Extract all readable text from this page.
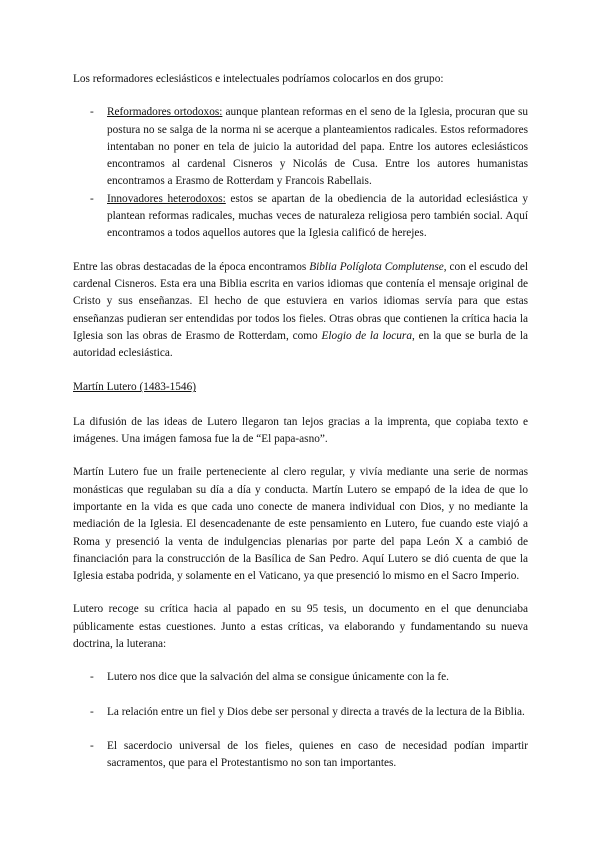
Los reformadores eclesiásticos e intelectuales podríamos colocarlos en dos grupo:

- Reformadores ortodoxos: aunque plantean reformas en el seno de la Iglesia, procuran que su postura no se salga de la norma ni se acerque a planteamientos radicales. Estos reformadores intentaban no poner en tela de juicio la autoridad del papa. Entre los autores eclesiásticos encontramos al cardenal Cisneros y Nicolás de Cusa. Entre los autores humanistas encontramos a Erasmo de Rotterdam y Francois Rabellais.
- Innovadores heterodoxos: estos se apartan de la obediencia de la autoridad eclesiástica y plantean reformas radicales, muchas veces de naturaleza religiosa pero también social. Aquí encontramos a todos aquellos autores que la Iglesia calificó de herejes.

Entre las obras destacadas de la época encontramos Biblia Políglota Complutense, con el escudo del cardenal Cisneros. Esta era una Biblia escrita en varios idiomas que contenía el mensaje original de Cristo y sus enseñanzas. El hecho de que estuviera en varios idiomas servía para que estas enseñanzas pudieran ser entendidas por todos los fieles. Otras obras que contienen la crítica hacia la Iglesia son las obras de Erasmo de Rotterdam, como Elogio de la locura, en la que se burla de la autoridad eclesiástica.

Martín Lutero (1483-1546)

La difusión de las ideas de Lutero llegaron tan lejos gracias a la imprenta, que copiaba texto e imágenes. Una imágen famosa fue la de “El papa-asno”.

Martín Lutero fue un fraile perteneciente al clero regular, y vivía mediante una serie de normas monásticas que regulaban su día a día y conducta. Martín Lutero se empapó de la idea de que lo importante en la vida es que cada uno conecte de manera individual con Dios, y no mediante la mediación de la Iglesia. El desencadenante de este pensamiento en Lutero, fue cuando este viajó a Roma y presenció la venta de indulgencias plenarias por parte del papa León X a cambió de financiación para la construcción de la Basílica de San Pedro. Aquí Lutero se dió cuenta de que la Iglesia estaba podrida, y solamente en el Vaticano, ya que presenció lo mismo en el Sacro Imperio.

Lutero recoge su crítica hacia al papado en su 95 tesis, un documento en el que denunciaba públicamente estas cuestiones. Junto a estas críticas, va elaborando y fundamentando su nueva doctrina, la luterana:

- Lutero nos dice que la salvación del alma se consigue únicamente con la fe.
- La relación entre un fiel y Dios debe ser personal y directa a través de la lectura de la Biblia.
- El sacerdocio universal de los fieles, quienes en caso de necesidad podían impartir sacramentos, que para el Protestantismo no son tan importantes.
